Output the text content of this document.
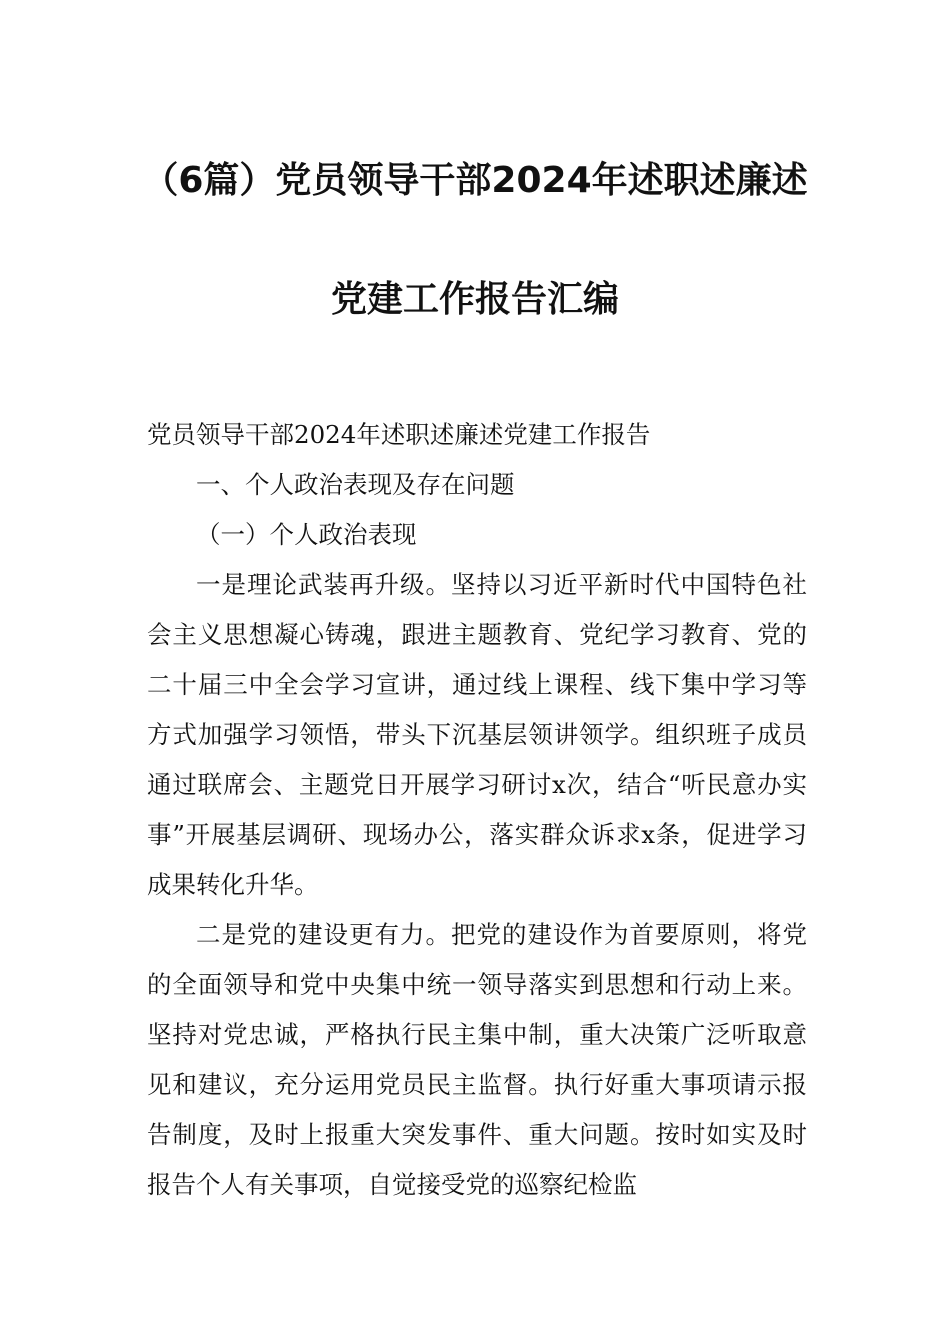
（6篇）党员领导干部2024年述职述廉述
党建工作报告汇编

党员领导干部2024年述职述廉述党建工作报告

一、个人政治表现及存在问题

（一）个人政治表现

一是理论武装再升级。坚持以习近平新时代中国特色社会主义思想凝心铸魂，跟进主题教育、党纪学习教育、党的二十届三中全会学习宣讲，通过线上课程、线下集中学习等方式加强学习领悟，带头下沉基层领讲领学。组织班子成员通过联席会、主题党日开展学习研讨x次，结合“听民意办实事”开展基层调研、现场办公，落实群众诉求x条，促进学习成果转化升华。

二是党的建设更有力。把党的建设作为首要原则，将党的全面领导和党中央集中统一领导落实到思想和行动上来。坚持对党忠诚，严格执行民主集中制，重大决策广泛听取意见和建议，充分运用党员民主监督。执行好重大事项请示报告制度，及时上报重大突发事件、重大问题。按时如实及时报告个人有关事项，自觉接受党的巡察纪检监
